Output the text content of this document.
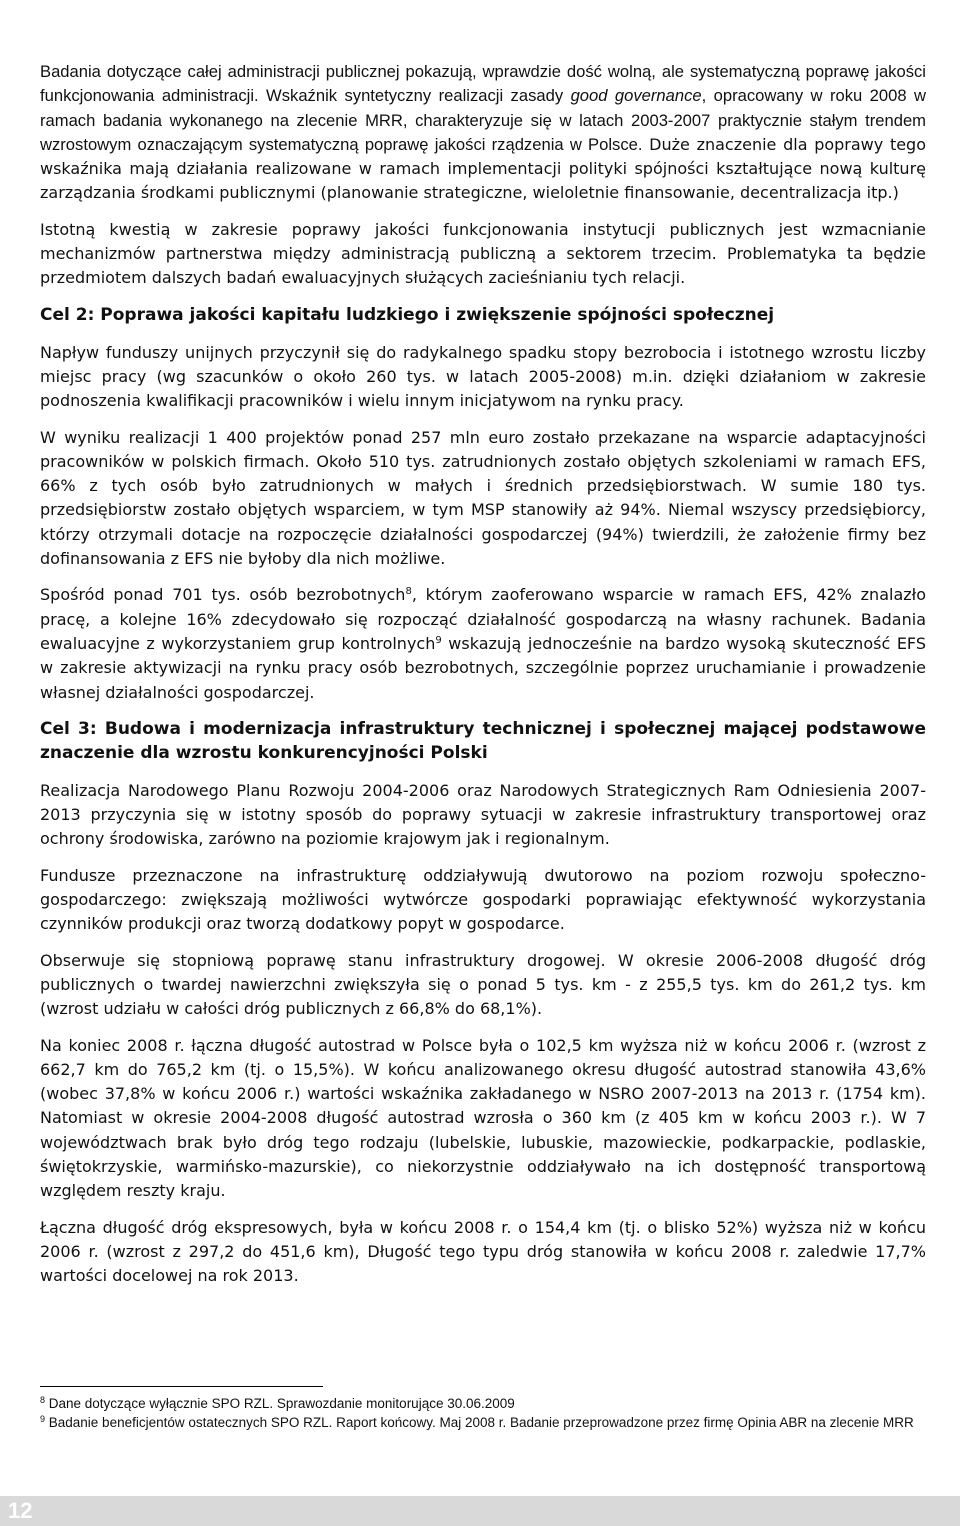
Badania dotyczące całej administracji publicznej pokazują, wprawdzie dość wolną, ale systematyczną poprawę jakości funkcjonowania administracji. Wskaźnik syntetyczny realizacji zasady good governance, opracowany w roku 2008 w ramach badania wykonanego na zlecenie MRR, charakteryzuje się w latach 2003-2007 praktycznie stałym trendem wzrostowym oznaczającym systematyczną poprawę jakości rządzenia w Polsce. Duże znaczenie dla poprawy tego wskaźnika mają działania realizowane w ramach implementacji polityki spójności kształtujące nową kulturę zarządzania środkami publicznymi (planowanie strategiczne, wieloletnie finansowanie, decentralizacja itp.)

Istotną kwestią w zakresie poprawy jakości funkcjonowania instytucji publicznych jest wzmacnianie mechanizmów partnerstwa między administracją publiczną a sektorem trzecim. Problematyka ta będzie przedmiotem dalszych badań ewaluacyjnych służących zacieśnianiu tych relacji.

Cel 2: Poprawa jakości kapitału ludzkiego i zwiększenie spójności społecznej

Napływ funduszy unijnych przyczynił się do radykalnego spadku stopy bezrobocia i istotnego wzrostu liczby miejsc pracy (wg szacunków o około 260 tys. w latach 2005-2008) m.in. dzięki działaniom w zakresie podnoszenia kwalifikacji pracowników i wielu innym inicjatywom na rynku pracy.

W wyniku realizacji 1 400 projektów ponad 257 mln euro zostało przekazane na wsparcie adaptacyjności pracowników w polskich firmach. Około 510 tys. zatrudnionych zostało objętych szkoleniami w ramach EFS, 66% z tych osób było zatrudnionych w małych i średnich przedsiębiorstwach. W sumie 180 tys. przedsiębiorstw zostało objętych wsparciem, w tym MSP stanowiły aż 94%. Niemal wszyscy przedsiębiorcy, którzy otrzymali dotacje na rozpoczęcie działalności gospodarczej (94%) twierdzili, że założenie firmy bez dofinansowania z EFS nie byłoby dla nich możliwe.

Spośród ponad 701 tys. osób bezrobotnych$^8$, którym zaoferowano wsparcie w ramach EFS, 42% znalazło pracę, a kolejne 16% zdecydowało się rozpocząć działalność gospodarczą na własny rachunek. Badania ewaluacyjne z wykorzystaniem grup kontrolnych$^9$ wskazują jednocześnie na bardzo wysoką skuteczność EFS w zakresie aktywizacji na rynku pracy osób bezrobotnych, szczególnie poprzez uruchamianie i prowadzenie własnej działalności gospodarczej.

Cel 3: Budowa i modernizacja infrastruktury technicznej i społecznej mającej podstawowe znaczenie dla wzrostu konkurencyjności Polski

Realizacja Narodowego Planu Rozwoju 2004-2006 oraz Narodowych Strategicznych Ram Odniesienia 2007-2013 przyczynia się w istotny sposób do poprawy sytuacji w zakresie infrastruktury transportowej oraz ochrony środowiska, zarówno na poziomie krajowym jak i regionalnym.

Fundusze przeznaczone na infrastrukturę oddziaływują dwutorowo na poziom rozwoju społeczno-gospodarczego: zwiększają możliwości wytwórcze gospodarki poprawiając efektywność wykorzystania czynników produkcji oraz tworzą dodatkowy popyt w gospodarce.

Obserwuje się stopniową poprawę stanu infrastruktury drogowej. W okresie 2006-2008 długość dróg publicznych o twardej nawierzchni zwiększyła się o ponad 5 tys. km - z 255,5 tys. km do 261,2 tys. km (wzrost udziału w całości dróg publicznych z 66,8% do 68,1%).

Na koniec 2008 r. łączna długość autostrad w Polsce była o 102,5 km wyższa niż w końcu 2006 r. (wzrost z 662,7 km do 765,2 km (tj. o 15,5%). W końcu analizowanego okresu długość autostrad stanowiła 43,6% (wobec 37,8% w końcu 2006 r.) wartości wskaźnika zakładanego w NSRO 2007-2013 na 2013 r. (1754 km). Natomiast w okresie 2004-2008 długość autostrad wzrosła o 360 km (z 405 km w końcu 2003 r.). W 7 województwach brak było dróg tego rodzaju (lubelskie, lubuskie, mazowieckie, podkarpackie, podlaskie, świętokrzyskie, warmińsko-mazurskie), co niekorzystnie oddziaływało na ich dostępność transportową względem reszty kraju.

Łączna długość dróg ekspresowych, była w końcu 2008 r. o 154,4 km (tj. o blisko 52%) wyższa niż w końcu 2006 r. (wzrost z 297,2 do 451,6 km), Długość tego typu dróg stanowiła w końcu 2008 r. zaledwie 17,7% wartości docelowej na rok 2013.

$^8$ Dane dotyczące wyłącznie SPO RZL. Sprawozdanie monitorujące 30.06.2009
$^9$ Badanie beneficjentów ostatecznych SPO RZL. Raport końcowy. Maj 2008 r. Badanie przeprowadzone przez firmę Opinia ABR na zlecenie MRR
12
